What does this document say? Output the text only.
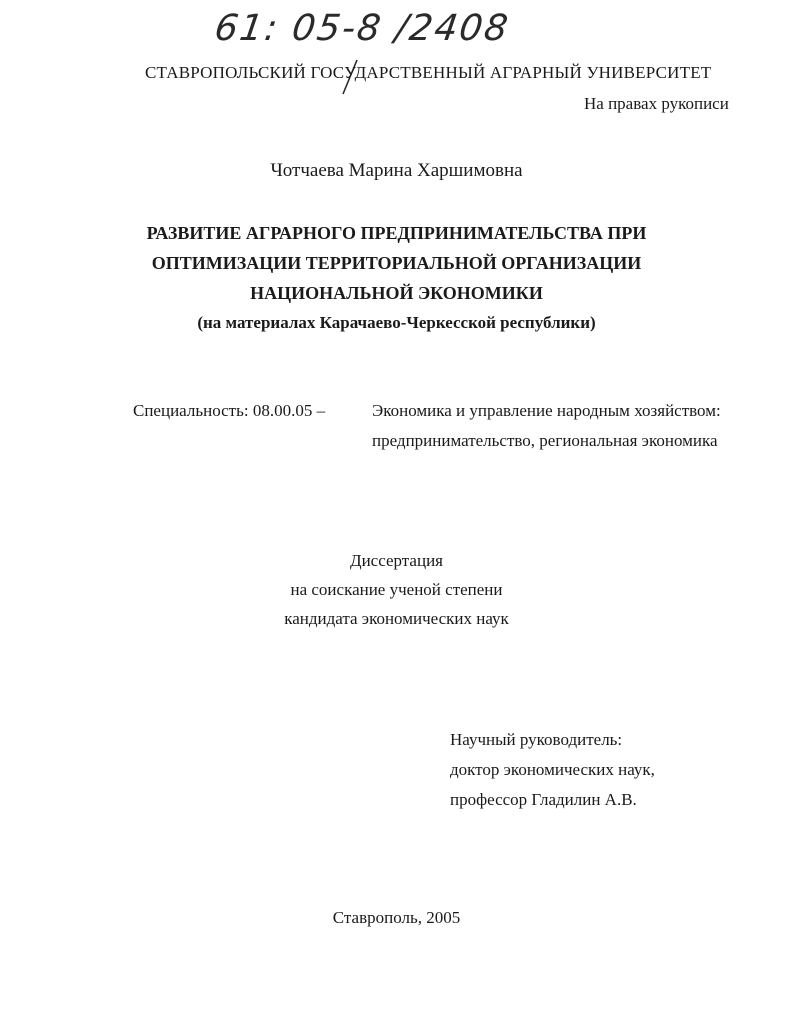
61: 05-8 /2408
СТАВРОПОЛЬСКИЙ ГОСУДАРСТВЕННЫЙ АГРАРНЫЙ УНИВЕРСИТЕТ
На правах рукописи
Чотчаева Марина Харшимовна
РАЗВИТИЕ АГРАРНОГО ПРЕДПРИНИМАТЕЛЬСТВА ПРИ
ОПТИМИЗАЦИИ ТЕРРИТОРИАЛЬНОЙ ОРГАНИЗАЦИИ
НАЦИОНАЛЬНОЙ ЭКОНОМИКИ
(на материалах Карачаево-Черкесской республики)
Специальность: 08.00.05 –	Экономика и управление народным хозяйством:
предпринимательство, региональная экономика
Диссертация
на соискание ученой степени
кандидата экономических наук
Научный руководитель:
доктор экономических наук,
профессор Гладилин А.В.
Ставрополь, 2005
